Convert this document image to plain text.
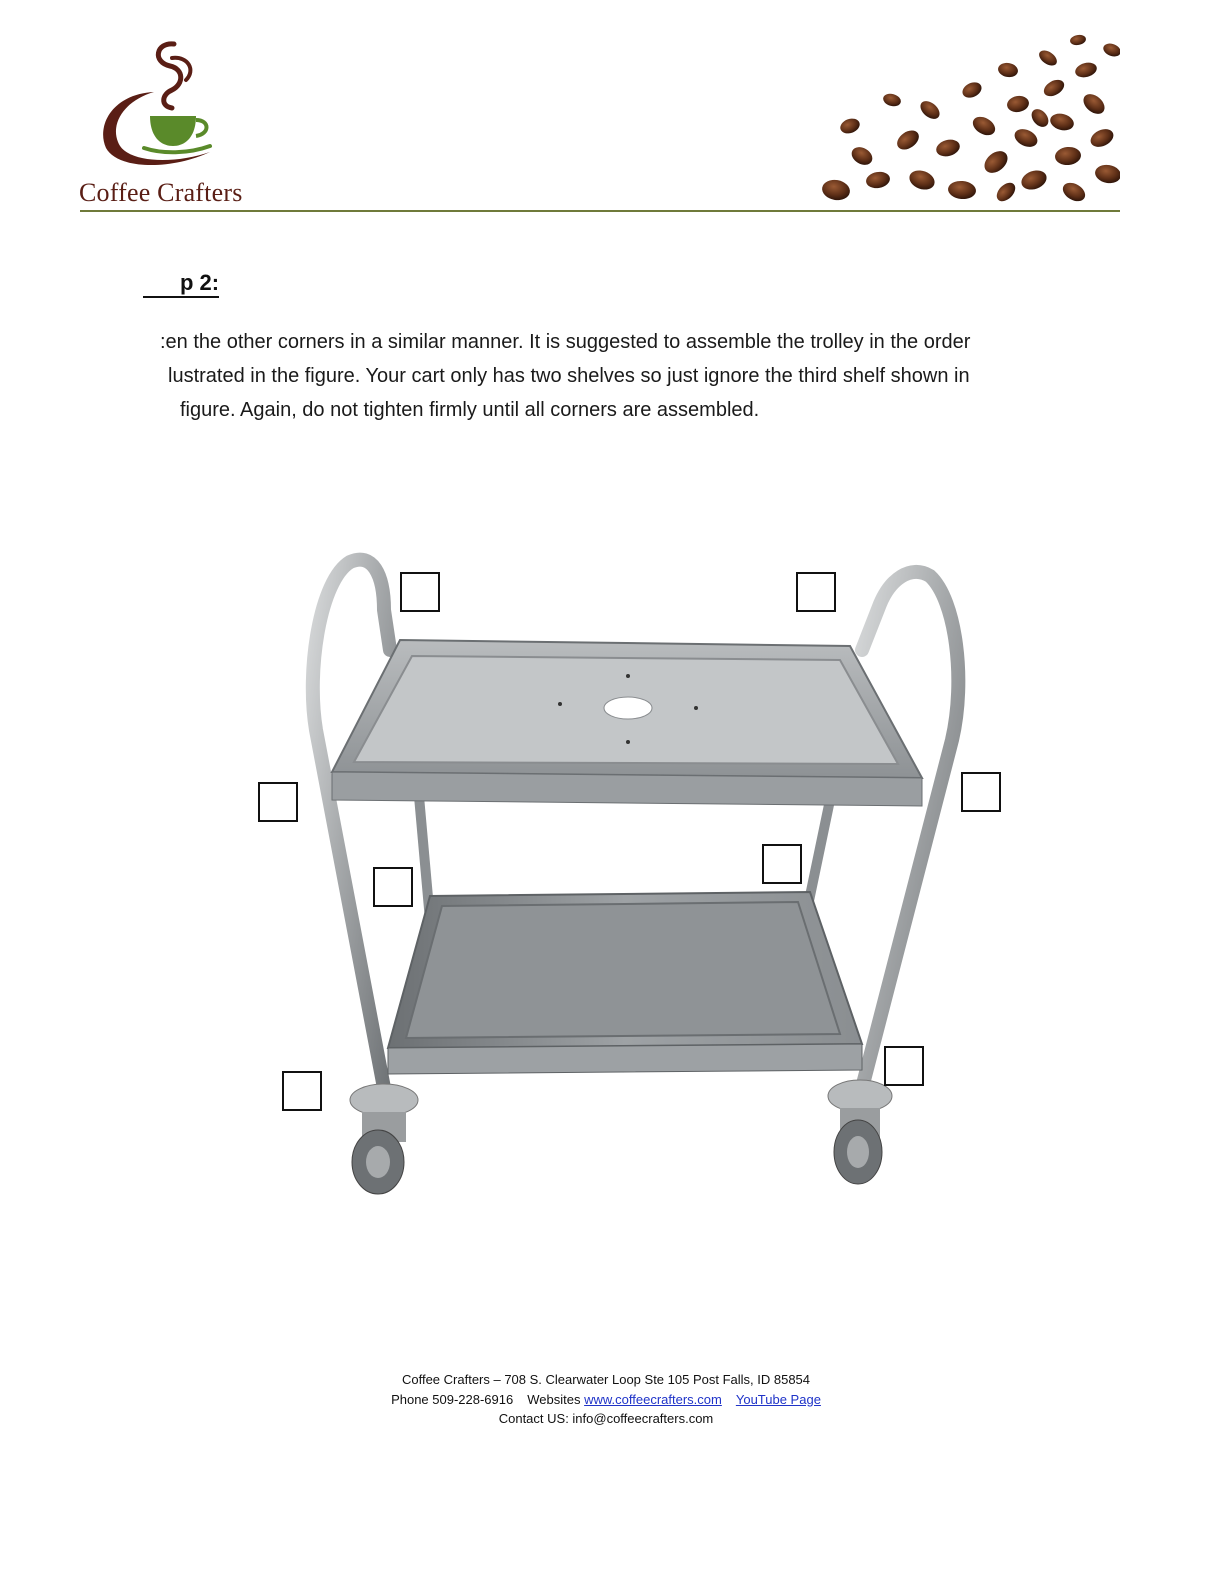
Coffee Crafters
p 2:
:en the other corners in a similar manner. It is suggested to assemble the trolley in the order
lustrated in the figure. Your cart only has two shelves so just ignore the third shelf shown in
figure. Again, do not tighten firmly until all corners are assembled.
Coffee Crafters – 708 S. Clearwater Loop Ste 105 Post Falls, ID 85854
Phone 509-228-6916 Websites www.coffeecrafters.com YouTube Page
Contact US: info@coffeecrafters.com
